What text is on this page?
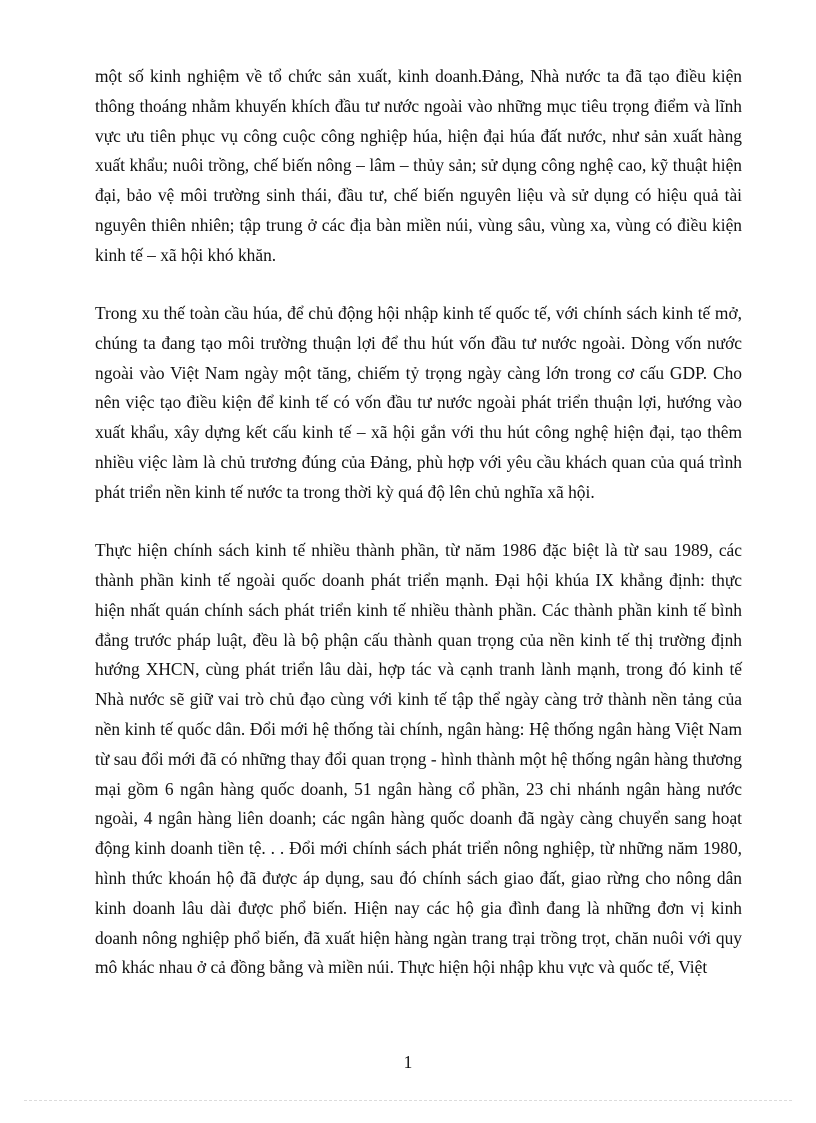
một số kinh nghiệm về tổ chức sản xuất, kinh doanh.Đảng, Nhà nước ta đã tạo điều kiện thông thoáng nhằm khuyến khích đầu tư nước ngoài vào những mục tiêu trọng điểm và lĩnh vực ưu tiên phục vụ công cuộc công nghiệp húa, hiện đại húa đất nước, như sản xuất hàng xuất khẩu; nuôi trồng, chế biến nông – lâm – thủy sản; sử dụng công nghệ cao, kỹ thuật hiện đại, bảo vệ môi trường sinh thái, đầu tư, chế biến nguyên liệu và sử dụng có hiệu quả tài nguyên thiên nhiên; tập trung ở các địa bàn miền núi, vùng sâu, vùng xa, vùng có điều kiện kinh tế – xã hội khó khăn.

Trong xu thế toàn cầu húa, để chủ động hội nhập kinh tế quốc tế, với chính sách kinh tế mở, chúng ta đang tạo môi trường thuận lợi để thu hút vốn đầu tư nước ngoài. Dòng vốn nước ngoài vào Việt Nam ngày một tăng, chiếm tỷ trọng ngày càng lớn trong cơ cấu GDP. Cho nên việc tạo điều kiện để kinh tế có vốn đầu tư nước ngoài phát triển thuận lợi, hướng vào xuất khẩu, xây dựng kết cấu kinh tế – xã hội gắn với thu hút công nghệ hiện đại, tạo thêm nhiều việc làm là chủ trương đúng của Đảng, phù hợp với yêu cầu khách quan của quá trình phát triển nền kinh tế nước ta trong thời kỳ quá độ lên chủ nghĩa xã hội.

Thực hiện chính sách kinh tế nhiều thành phần, từ năm 1986 đặc biệt là từ sau 1989, các thành phần kinh tế ngoài quốc doanh phát triển mạnh. Đại hội khúa IX khẳng định: thực hiện nhất quán chính sách phát triển kinh tế nhiều thành phần. Các thành phần kinh tế bình đẳng trước pháp luật, đều là bộ phận cấu thành quan trọng của nền kinh tế thị trường định hướng XHCN, cùng phát triển lâu dài, hợp tác và cạnh tranh lành mạnh, trong đó kinh tế Nhà nước sẽ giữ vai trò chủ đạo cùng với kinh tế tập thể ngày càng trở thành nền tảng của nền kinh tế quốc dân. Đổi mới hệ thống tài chính, ngân hàng: Hệ thống ngân hàng Việt Nam từ sau đổi mới đã có những thay đổi quan trọng - hình thành một hệ thống ngân hàng thương mại gồm 6 ngân hàng quốc doanh, 51 ngân hàng cổ phần, 23 chi nhánh ngân hàng nước ngoài, 4 ngân hàng liên doanh; các ngân hàng quốc doanh đã ngày càng chuyển sang hoạt động kinh doanh tiền tệ. . . Đổi mới chính sách phát triển nông nghiệp, từ những năm 1980, hình thức khoán hộ đã được áp dụng, sau đó chính sách giao đất, giao rừng cho nông dân kinh doanh lâu dài được phổ biến. Hiện nay các hộ gia đình đang là những đơn vị kinh doanh nông nghiệp phổ biến, đã xuất hiện hàng ngàn trang trại trồng trọt, chăn nuôi với quy mô khác nhau ở cả đồng bằng và miền núi. Thực hiện hội nhập khu vực và quốc tế, Việt

1
